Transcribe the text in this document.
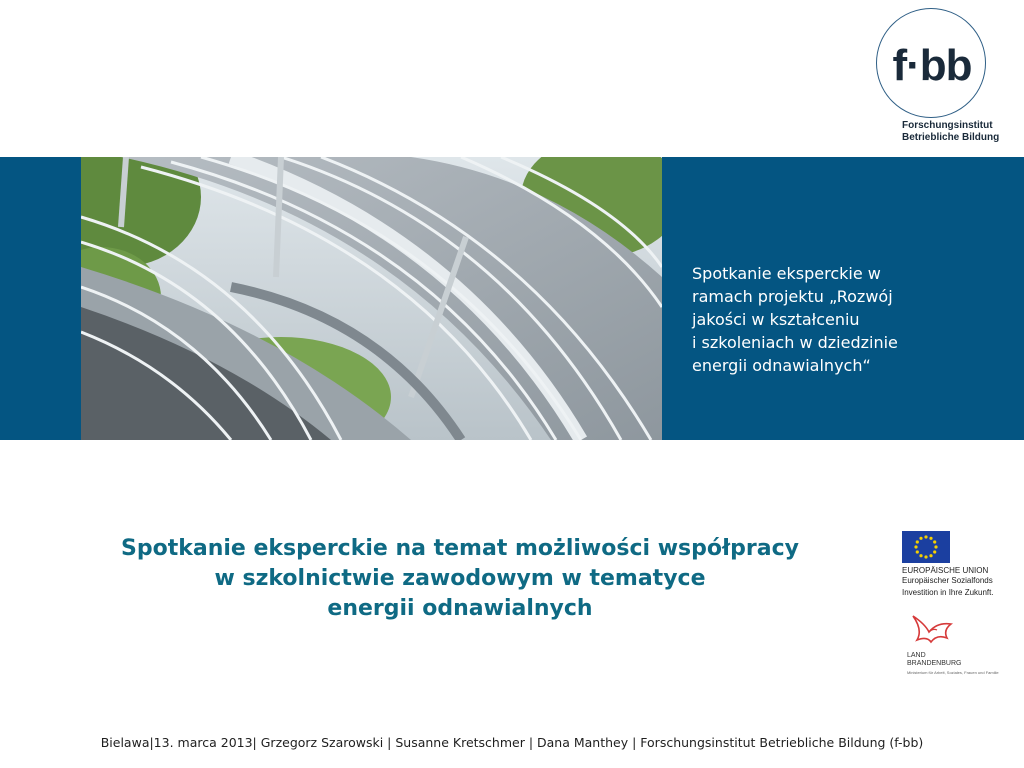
f·bb
Forschungsinstitut
Betriebliche Bildung
Spotkanie eksperckie w
ramach projektu „Rozwój
jakości w kształceniu
i szkoleniach w dziedzinie
energii odnawialnych“
Spotkanie eksperckie na temat możliwości współpracy
w szkolnictwie zawodowym w tematyce
energii odnawialnych
EUROPÄISCHE UNION
Europäischer Sozialfonds
Investition in Ihre Zukunft.
LAND
BRANDENBURG
Ministerium für Arbeit, Soziales, Frauen und Familie
Bielawa|13. marca 2013| Grzegorz Szarowski | Susanne Kretschmer | Dana Manthey | Forschungsinstitut Betriebliche Bildung (f-bb)
